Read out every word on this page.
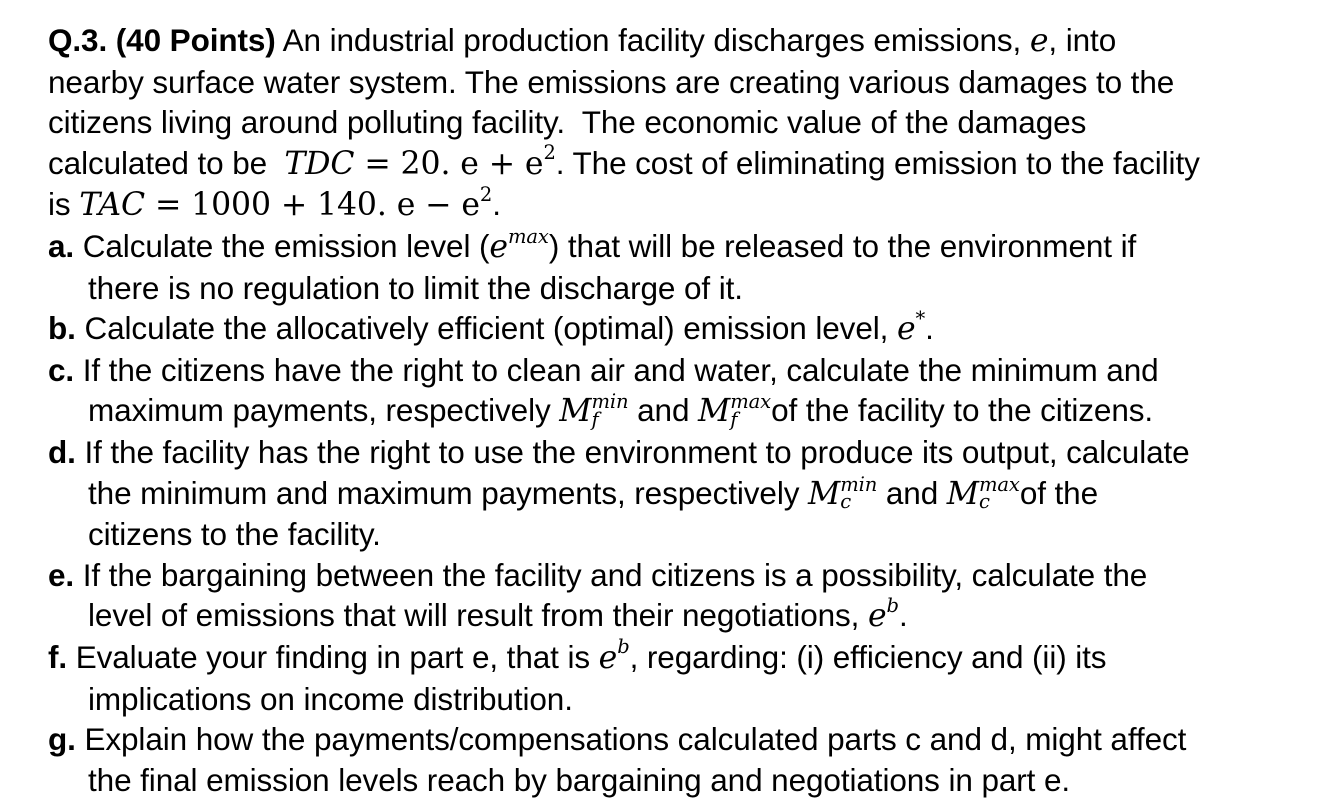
Q.3. (40 Points) An industrial production facility discharges emissions, e, into
nearby surface water system. The emissions are creating various damages to the
citizens living around polluting facility.  The economic value of the damages
calculated to be  TDC = 20. $e + e^2$. The cost of eliminating emission to the facility
is TAC = 1000 + 140. $e - e^2$.
a. Calculate the emission level $(e^{max})$ that will be released to the environment if
there is no regulation to limit the discharge of it.
b. Calculate the allocatively efficient (optimal) emission level, e*.
c. If the citizens have the right to clean air and water, calculate the minimum and
maximum payments, respectively M min
f and M max
f	of the facility to the citizens.
d. If the facility has the right to use the environment to produce its output, calculate
the minimum and maximum payments, respectively M min
c and M max
c of the
citizens to the facility.
e. If the bargaining between the facility and citizens is a possibility, calculate the
level of emissions that will result from their negotiations, $e^b$.
f. Evaluate your finding in part e, that is $e^b$, regarding: (i) efficiency and (ii) its
implications on income distribution.
g. Explain how the payments/compensations calculated parts c and d, might affect
the final emission levels reach by bargaining and negotiations in part e.
